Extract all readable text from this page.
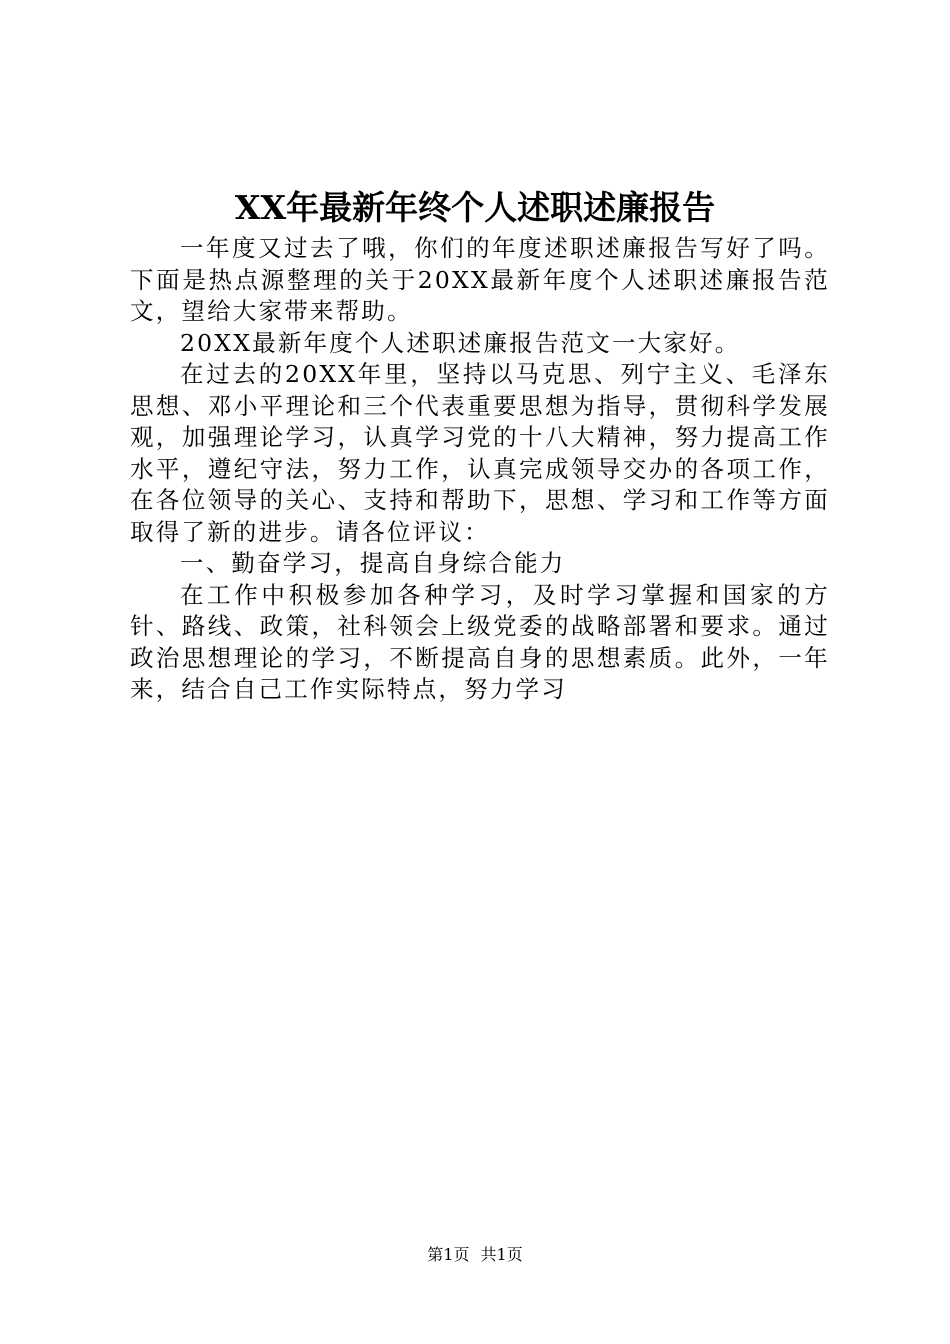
XX年最新年终个人述职述廉报告

一年度又过去了哦，你们的年度述职述廉报告写好了吗。下面是热点源整理的关于20XX最新年度个人述职述廉报告范文，望给大家带来帮助。

20XX最新年度个人述职述廉报告范文一大家好。

在过去的20XX年里，坚持以马克思、列宁主义、毛泽东思想、邓小平理论和三个代表重要思想为指导，贯彻科学发展观，加强理论学习，认真学习党的十八大精神，努力提高工作水平，遵纪守法，努力工作，认真完成领导交办的各项工作，在各位领导的关心、支持和帮助下，思想、学习和工作等方面取得了新的进步。请各位评议：

一、勤奋学习，提高自身综合能力

在工作中积极参加各种学习，及时学习掌握和国家的方针、路线、政策，社科领会上级党委的战略部署和要求。通过政治思想理论的学习，不断提高自身的思想素质。此外，一年来，结合自己工作实际特点，努力学习

第1页 共1页
